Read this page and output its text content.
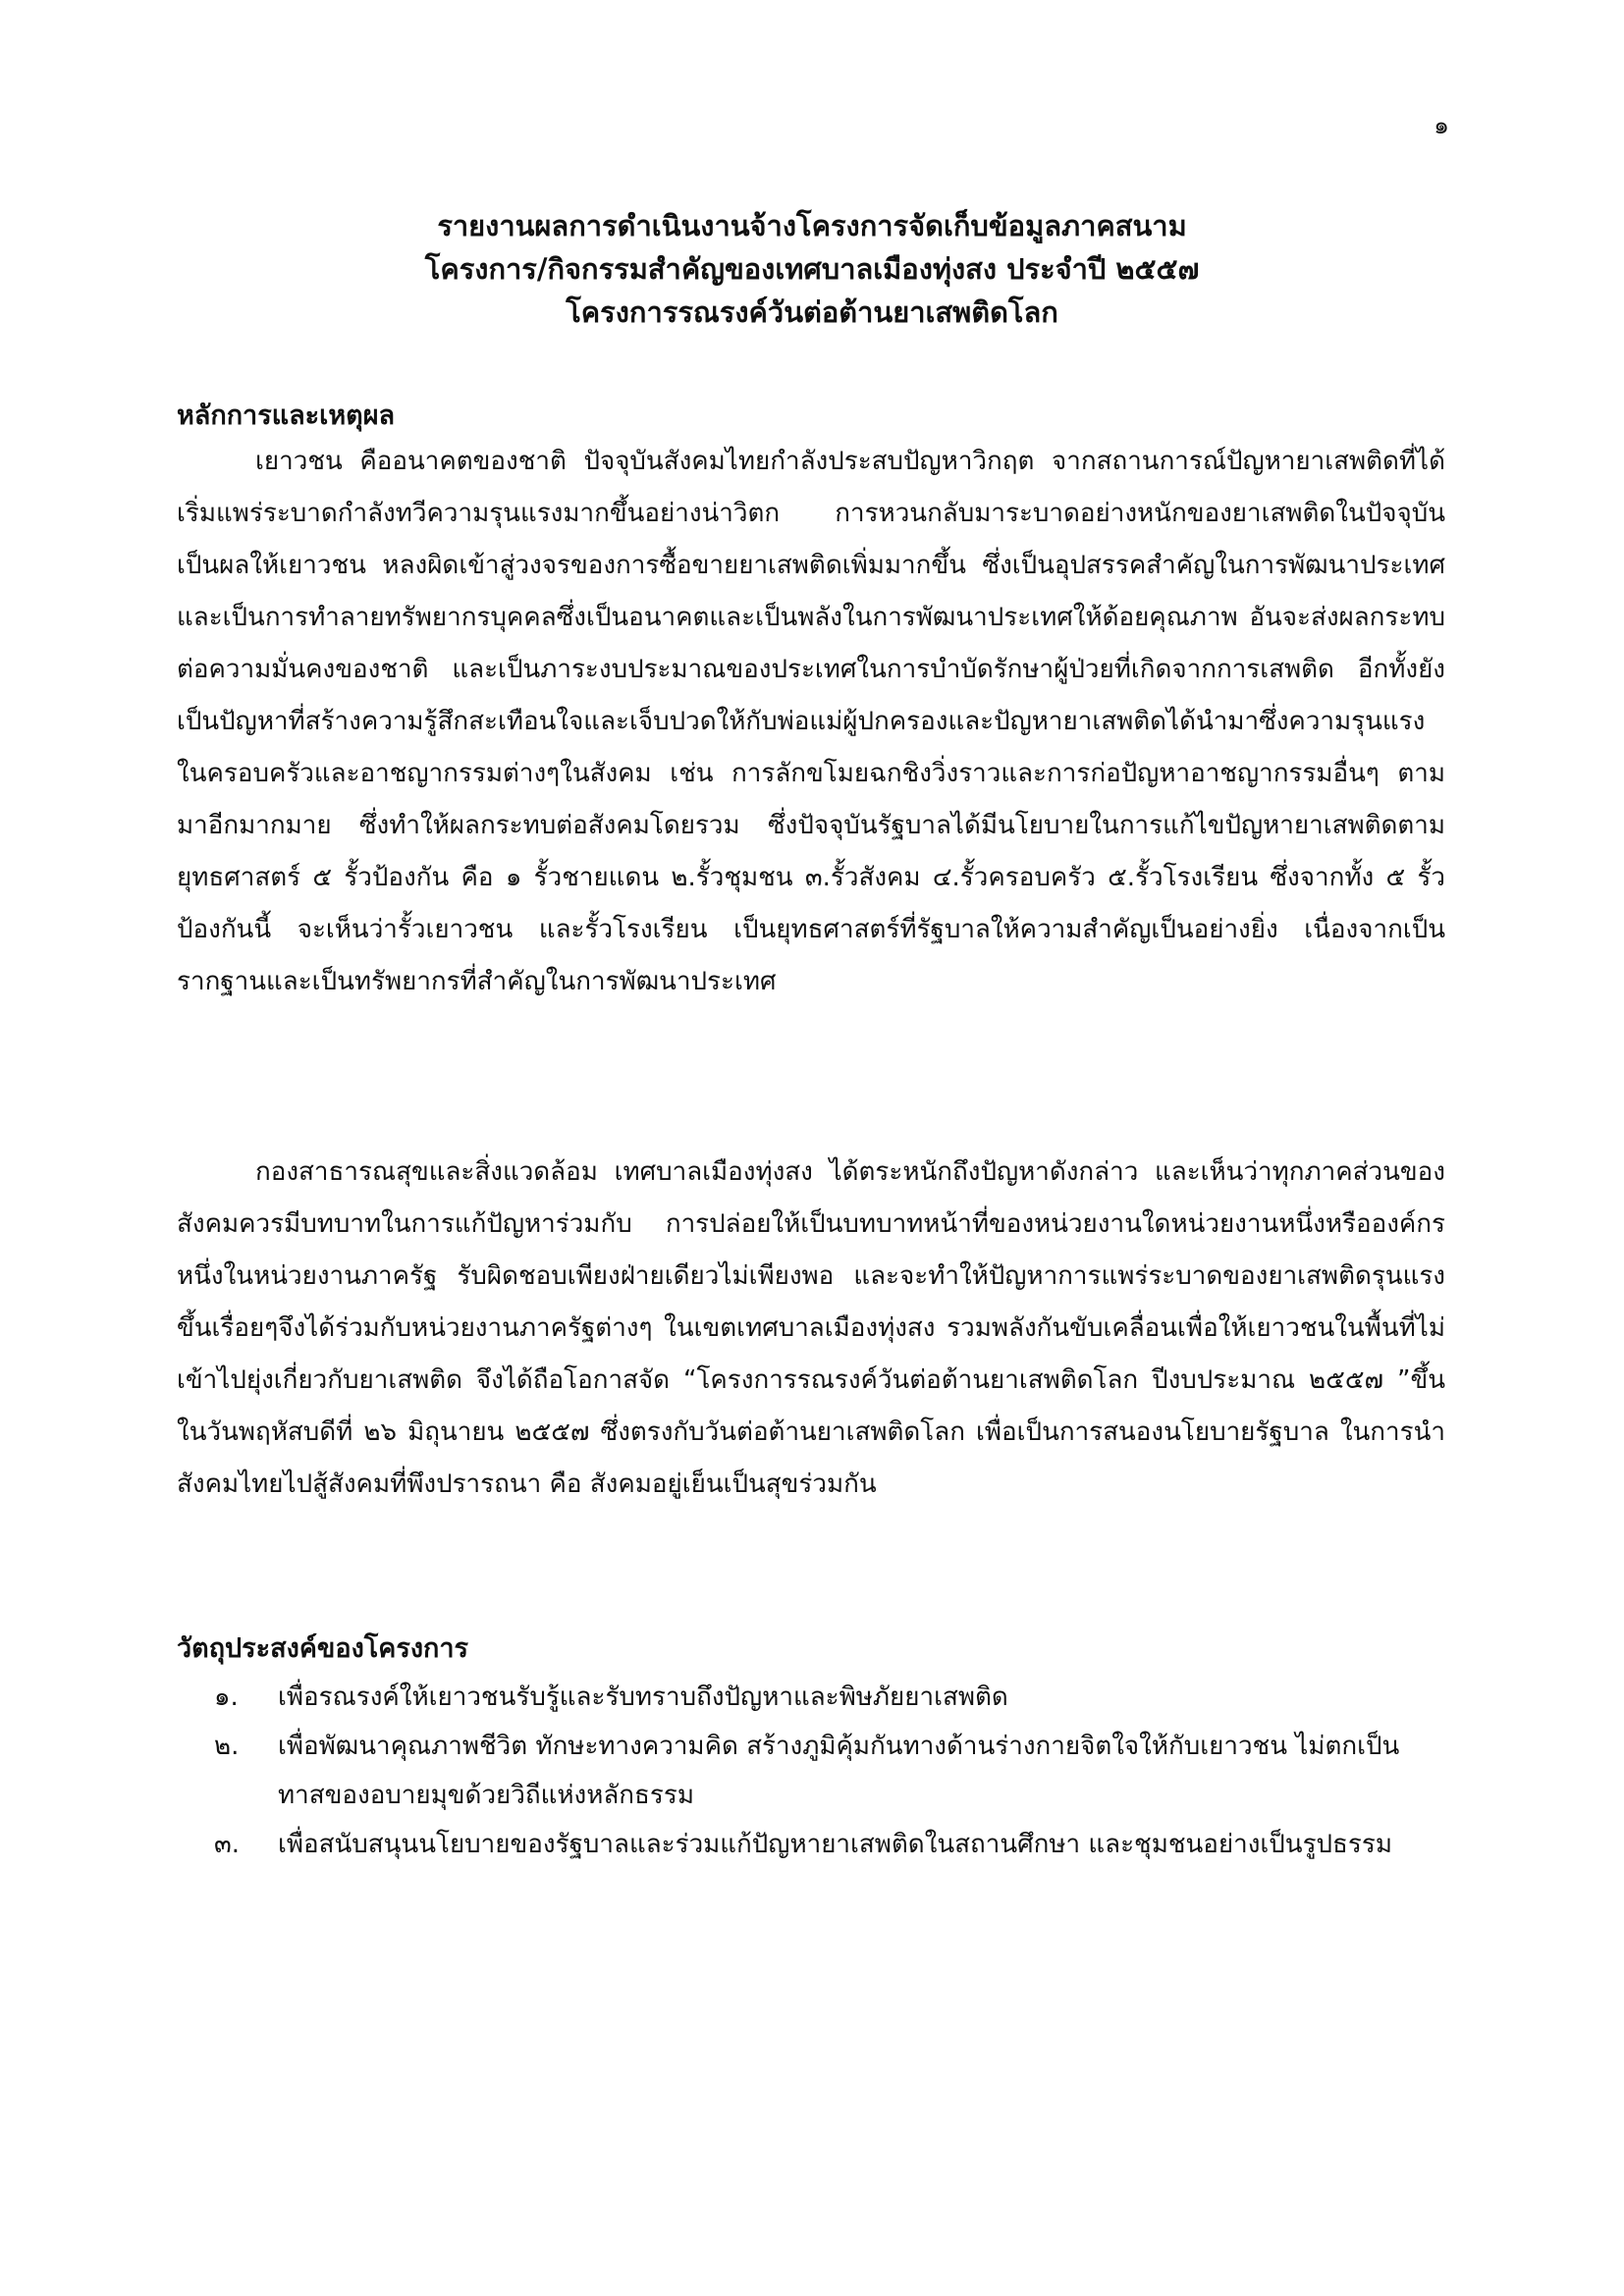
๑
รายงานผลการดำเนินงานจ้างโครงการจัดเก็บข้อมูลภาคสนาม
โครงการ/กิจกรรมสำคัญของเทศบาลเมืองทุ่งสง ประจำปี ๒๕๕๗
โครงการรณรงค์วันต่อต้านยาเสพติดโลก
หลักการและเหตุผล

เยาวชน คืออนาคตของชาติ ปัจจุบันสังคมไทยกำลังประสบปัญหาวิกฤต จากสถานการณ์ปัญหายาเสพติดที่ได้เริ่มแพร่ระบาดกำลังทวีความรุนแรงมากขึ้นอย่างน่าวิตก การหวนกลับมาระบาดอย่างหนักของยาเสพติดในปัจจุบัน เป็นผลให้เยาวชน หลงผิดเข้าสู่วงจรของการซื้อขายยาเสพติดเพิ่มมากขึ้น ซึ่งเป็นอุปสรรคสำคัญในการพัฒนาประเทศ และเป็นการทำลายทรัพยากรบุคคลซึ่งเป็นอนาคตและเป็นพลังในการพัฒนาประเทศให้ด้อยคุณภาพ อันจะส่งผลกระทบต่อความมั่นคงของชาติ และเป็นภาระงบประมาณของประเทศในการบำบัดรักษาผู้ป่วยที่เกิดจากการเสพติด อีกทั้งยังเป็นปัญหาที่สร้างความรู้สึกสะเทือนใจและเจ็บปวดให้กับพ่อแม่ผู้ปกครองและปัญหายาเสพติดได้นำมาซึ่งความรุนแรงในครอบครัวและอาชญากรรมต่างๆในสังคม เช่น การลักขโมยฉกชิงวิ่งราวและการก่อปัญหาอาชญากรรมอื่นๆ ตามมาอีกมากมาย ซึ่งทำให้ผลกระทบต่อสังคมโดยรวม ซึ่งปัจจุบันรัฐบาลได้มีนโยบายในการแก้ไขปัญหายาเสพติดตามยุทธศาสตร์ ๕ รั้วป้องกัน คือ ๑ รั้วชายแดน ๒.รั้วชุมชน ๓.รั้วสังคม ๔.รั้วครอบครัว ๕.รั้วโรงเรียน ซึ่งจากทั้ง ๕ รั้วป้องกันนี้ จะเห็นว่ารั้วเยาวชน และรั้วโรงเรียน เป็นยุทธศาสตร์ที่รัฐบาลให้ความสำคัญเป็นอย่างยิ่ง เนื่องจากเป็นรากฐานและเป็นทรัพยากรที่สำคัญในการพัฒนาประเทศ

กองสาธารณสุขและสิ่งแวดล้อม เทศบาลเมืองทุ่งสง ได้ตระหนักถึงปัญหาดังกล่าว และเห็นว่าทุกภาคส่วนของสังคมควรมีบทบาทในการแก้ปัญหาร่วมกับ การปล่อยให้เป็นบทบาทหน้าที่ของหน่วยงานใดหน่วยงานหนึ่งหรือองค์กรหนึ่งในหน่วยงานภาครัฐ รับผิดชอบเพียงฝ่ายเดียวไม่เพียงพอ และจะทำให้ปัญหาการแพร่ระบาดของยาเสพติดรุนแรงขึ้นเรื่อยๆจึงได้ร่วมกับหน่วยงานภาครัฐต่างๆ ในเขตเทศบาลเมืองทุ่งสง รวมพลังกันขับเคลื่อนเพื่อให้เยาวชนในพื้นที่ไม่เข้าไปยุ่งเกี่ยวกับยาเสพติด จึงได้ถือโอกาสจัด “โครงการรณรงค์วันต่อต้านยาเสพติดโลก ปีงบประมาณ ๒๕๕๗ ”ขึ้นในวันพฤหัสบดีที่ ๒๖ มิถุนายน ๒๕๕๗ ซึ่งตรงกับวันต่อต้านยาเสพติดโลก เพื่อเป็นการสนองนโยบายรัฐบาล ในการนำสังคมไทยไปสู้สังคมที่พึงปรารถนา คือ สังคมอยู่เย็นเป็นสุขร่วมกัน

วัตถุประสงค์ของโครงการ
๑. เพื่อรณรงค์ให้เยาวชนรับรู้และรับทราบถึงปัญหาและพิษภัยยาเสพติด
๒. เพื่อพัฒนาคุณภาพชีวิต ทักษะทางความคิด สร้างภูมิคุ้มกันทางด้านร่างกายจิตใจให้กับเยาวชน ไม่ตกเป็นทาสของอบายมุขด้วยวิถีแห่งหลักธรรม
๓. เพื่อสนับสนุนนโยบายของรัฐบาลและร่วมแก้ปัญหายาเสพติดในสถานศึกษา และชุมชนอย่างเป็นรูปธรรม
